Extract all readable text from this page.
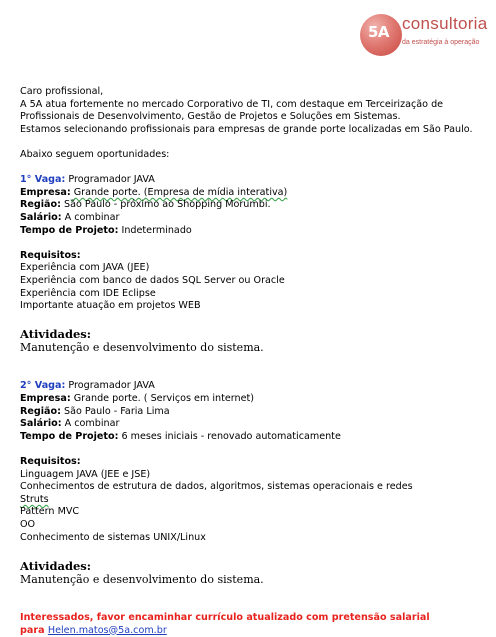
5A consultoria
da estratégia à operação
Caro profissional,
A 5A atua fortemente no mercado Corporativo de TI, com destaque em Terceirização de
Profissionais de Desenvolvimento, Gestão de Projetos e Soluções em Sistemas.
Estamos selecionando profissionais para empresas de grande porte localizadas em São Paulo.
Abaixo seguem oportunidades:
1° Vaga: Programador JAVA
Empresa: Grande porte. (Empresa de mídia interativa)
Região: São Paulo - próximo ao Shopping Morumbi.
Salário: A combinar
Tempo de Projeto: Indeterminado
Requisitos:
Experiência com JAVA (JEE)
Experiência com banco de dados SQL Server ou Oracle
Experiência com IDE Eclipse
Importante atuação em projetos WEB
Atividades:
Manutenção e desenvolvimento do sistema.
2° Vaga: Programador JAVA
Empresa: Grande porte. ( Serviços em internet)
Região: São Paulo - Faria Lima
Salário: A combinar
Tempo de Projeto: 6 meses iniciais - renovado automaticamente
Requisitos:
Linguagem JAVA (JEE e JSE)
Conhecimentos de estrutura de dados, algoritmos, sistemas operacionais e redes
Struts
Pattern MVC
OO
Conhecimento de sistemas UNIX/Linux
Atividades:
Manutenção e desenvolvimento do sistema.
Interessados, favor encaminhar currículo atualizado com pretensão salarial
para Helen.matos@5a.com.br
